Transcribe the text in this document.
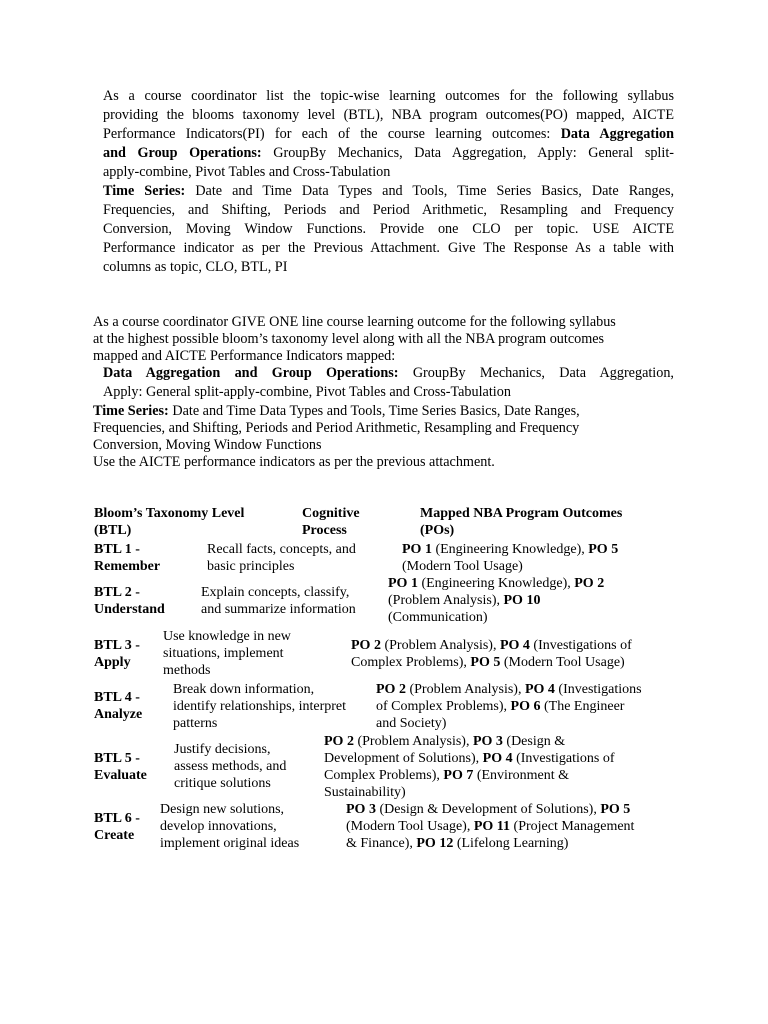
As a course coordinator list the topic-wise learning outcomes for the following syllabus
providing the blooms taxonomy level (BTL), NBA program outcomes(PO) mapped, AICTE
Performance Indicators(PI) for each of the course learning outcomes: Data Aggregation
and Group Operations: GroupBy Mechanics, Data Aggregation, Apply: General split-
apply-combine, Pivot Tables and Cross-Tabulation
Time Series: Date and Time Data Types and Tools, Time Series Basics, Date Ranges,
Frequencies, and Shifting, Periods and Period Arithmetic, Resampling and Frequency
Conversion, Moving Window Functions. Provide one CLO per topic. USE AICTE
Performance indicator as per the Previous Attachment. Give The Response As a table with
columns as topic, CLO, BTL, PI
As a course coordinator GIVE ONE line course learning outcome for the following syllabus
at the highest possible bloom’s taxonomy level along with all the NBA program outcomes
mapped and AICTE Performance Indicators mapped:
Data Aggregation and Group Operations: GroupBy Mechanics, Data Aggregation,
Apply: General split-apply-combine, Pivot Tables and Cross-Tabulation
Time Series: Date and Time Data Types and Tools, Time Series Basics, Date Ranges,
Frequencies, and Shifting, Periods and Period Arithmetic, Resampling and Frequency
Conversion, Moving Window Functions
Use the AICTE performance indicators as per the previous attachment.
Bloom’s Taxonomy Level
(BTL)
Cognitive
Process
Mapped NBA Program Outcomes
(POs)
BTL 1 -
Remember
Recall facts, concepts, and
basic principles
PO 1 (Engineering Knowledge), PO 5
(Modern Tool Usage)
BTL 2 -
Understand
Explain concepts, classify,
and summarize information
PO 1 (Engineering Knowledge), PO 2
(Problem Analysis), PO 10
(Communication)
BTL 3 -
Apply
Use knowledge in new
situations, implement
methods
PO 2 (Problem Analysis), PO 4 (Investigations of
Complex Problems), PO 5 (Modern Tool Usage)
BTL 4 -
Analyze
Break down information,
identify relationships, interpret
patterns
PO 2 (Problem Analysis), PO 4 (Investigations
of Complex Problems), PO 6 (The Engineer
and Society)
BTL 5 -
Evaluate
Justify decisions,
assess methods, and
critique solutions
PO 2 (Problem Analysis), PO 3 (Design &
Development of Solutions), PO 4 (Investigations of
Complex Problems), PO 7 (Environment &
Sustainability)
BTL 6 -
Create
Design new solutions,
develop innovations,
implement original ideas
PO 3 (Design & Development of Solutions), PO 5
(Modern Tool Usage), PO 11 (Project Management
& Finance), PO 12 (Lifelong Learning)
